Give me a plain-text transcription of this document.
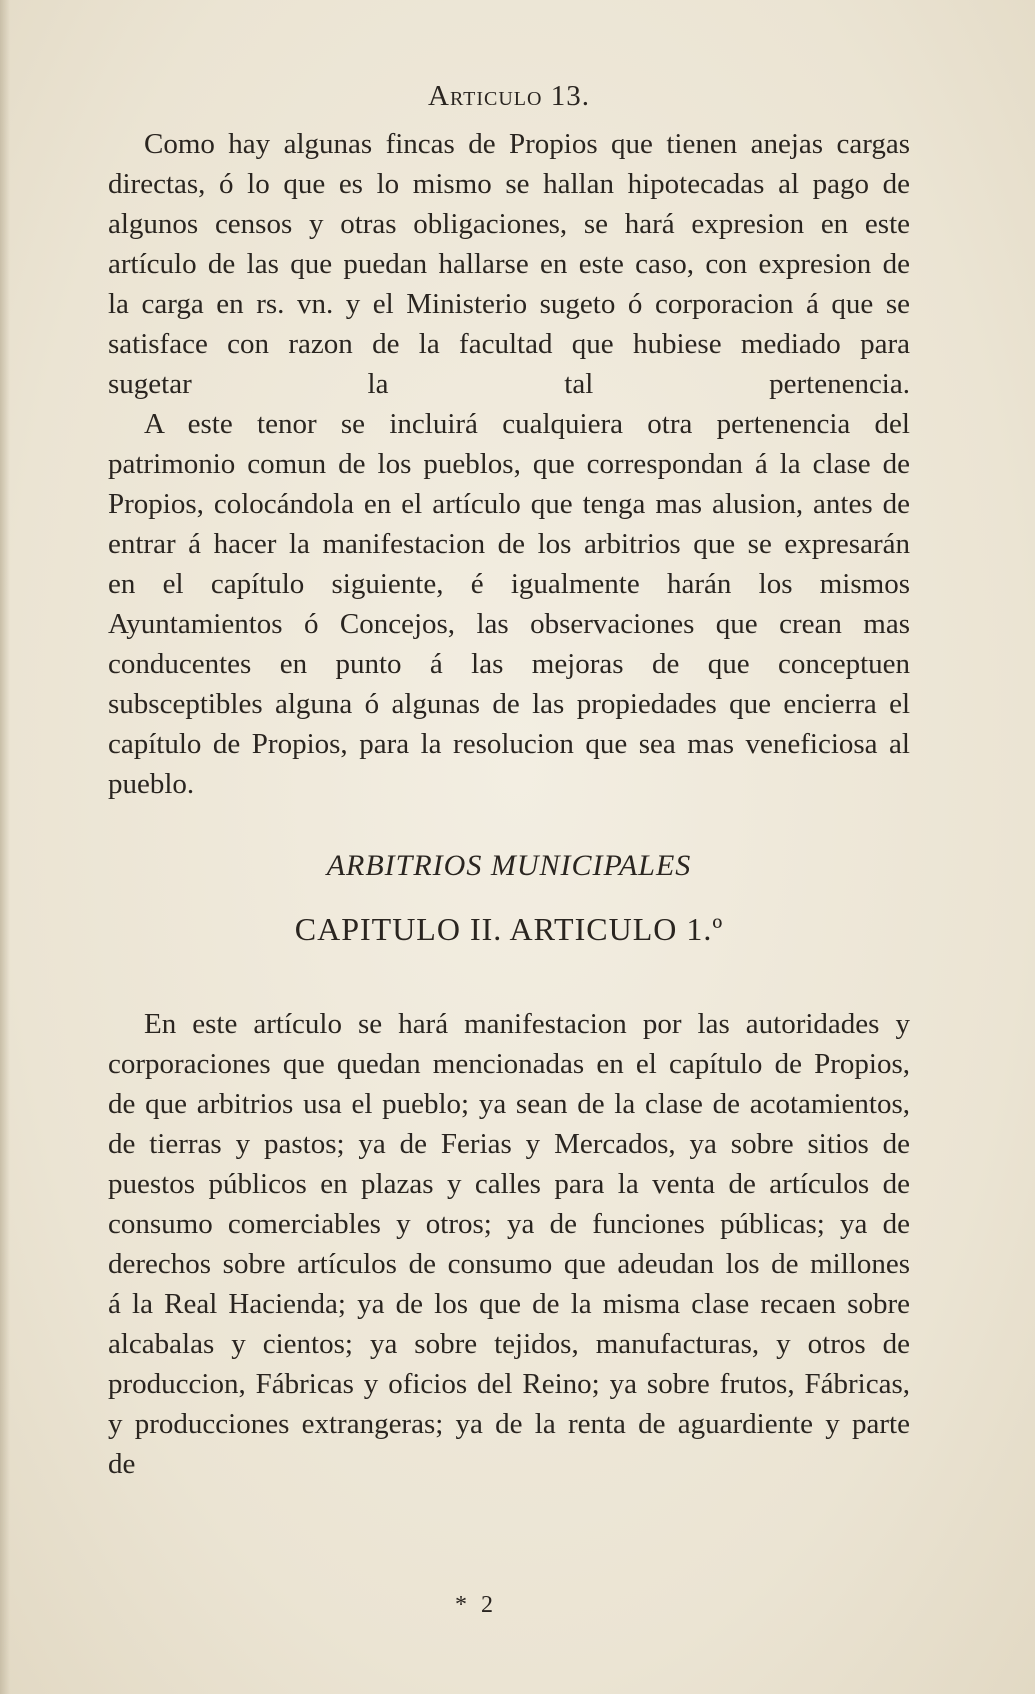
Articulo 13.

Como hay algunas fincas de Propios que tienen anejas cargas directas, ó lo que es lo mismo se hallan hipotecadas al pago de algunos censos y otras obligaciones, se hará expresion en este artículo de las que puedan hallarse en este caso, con expresion de la carga en rs. vn. y el Ministerio sugeto ó corporacion á que se satisface con razon de la facultad que hubiese mediado para sugetar la tal pertenencia.

A este tenor se incluirá cualquiera otra pertenencia del patrimonio comun de los pueblos, que correspondan á la clase de Propios, colocándola en el artículo que tenga mas alusion, antes de entrar á hacer la manifestacion de los arbitrios que se expresarán en el capítulo siguiente, é igualmente harán los mismos Ayuntamientos ó Concejos, las observaciones que crean mas conducentes en punto á las mejoras de que conceptuen subsceptibles alguna ó algunas de las propiedades que encierra el capítulo de Propios, para la resolucion que sea mas veneficiosa al pueblo.

ARBITRIOS MUNICIPALES

CAPITULO II. ARTICULO 1.º

En este artículo se hará manifestacion por las autoridades y corporaciones que quedan mencionadas en el capítulo de Propios, de que arbitrios usa el pueblo; ya sean de la clase de acotamientos, de tierras y pastos; ya de Ferias y Mercados, ya sobre sitios de puestos públicos en plazas y calles para la venta de artículos de consumo comerciables y otros; ya de funciones públicas; ya de derechos sobre artículos de consumo que adeudan los de millones á la Real Hacienda; ya de los que de la misma clase recaen sobre alcabalas y cientos; ya sobre tejidos, manufacturas, y otros de produccion, Fábricas y oficios del Reino; ya sobre frutos, Fábricas, y producciones extrangeras; ya de la renta de aguardiente y parte de

* 2
